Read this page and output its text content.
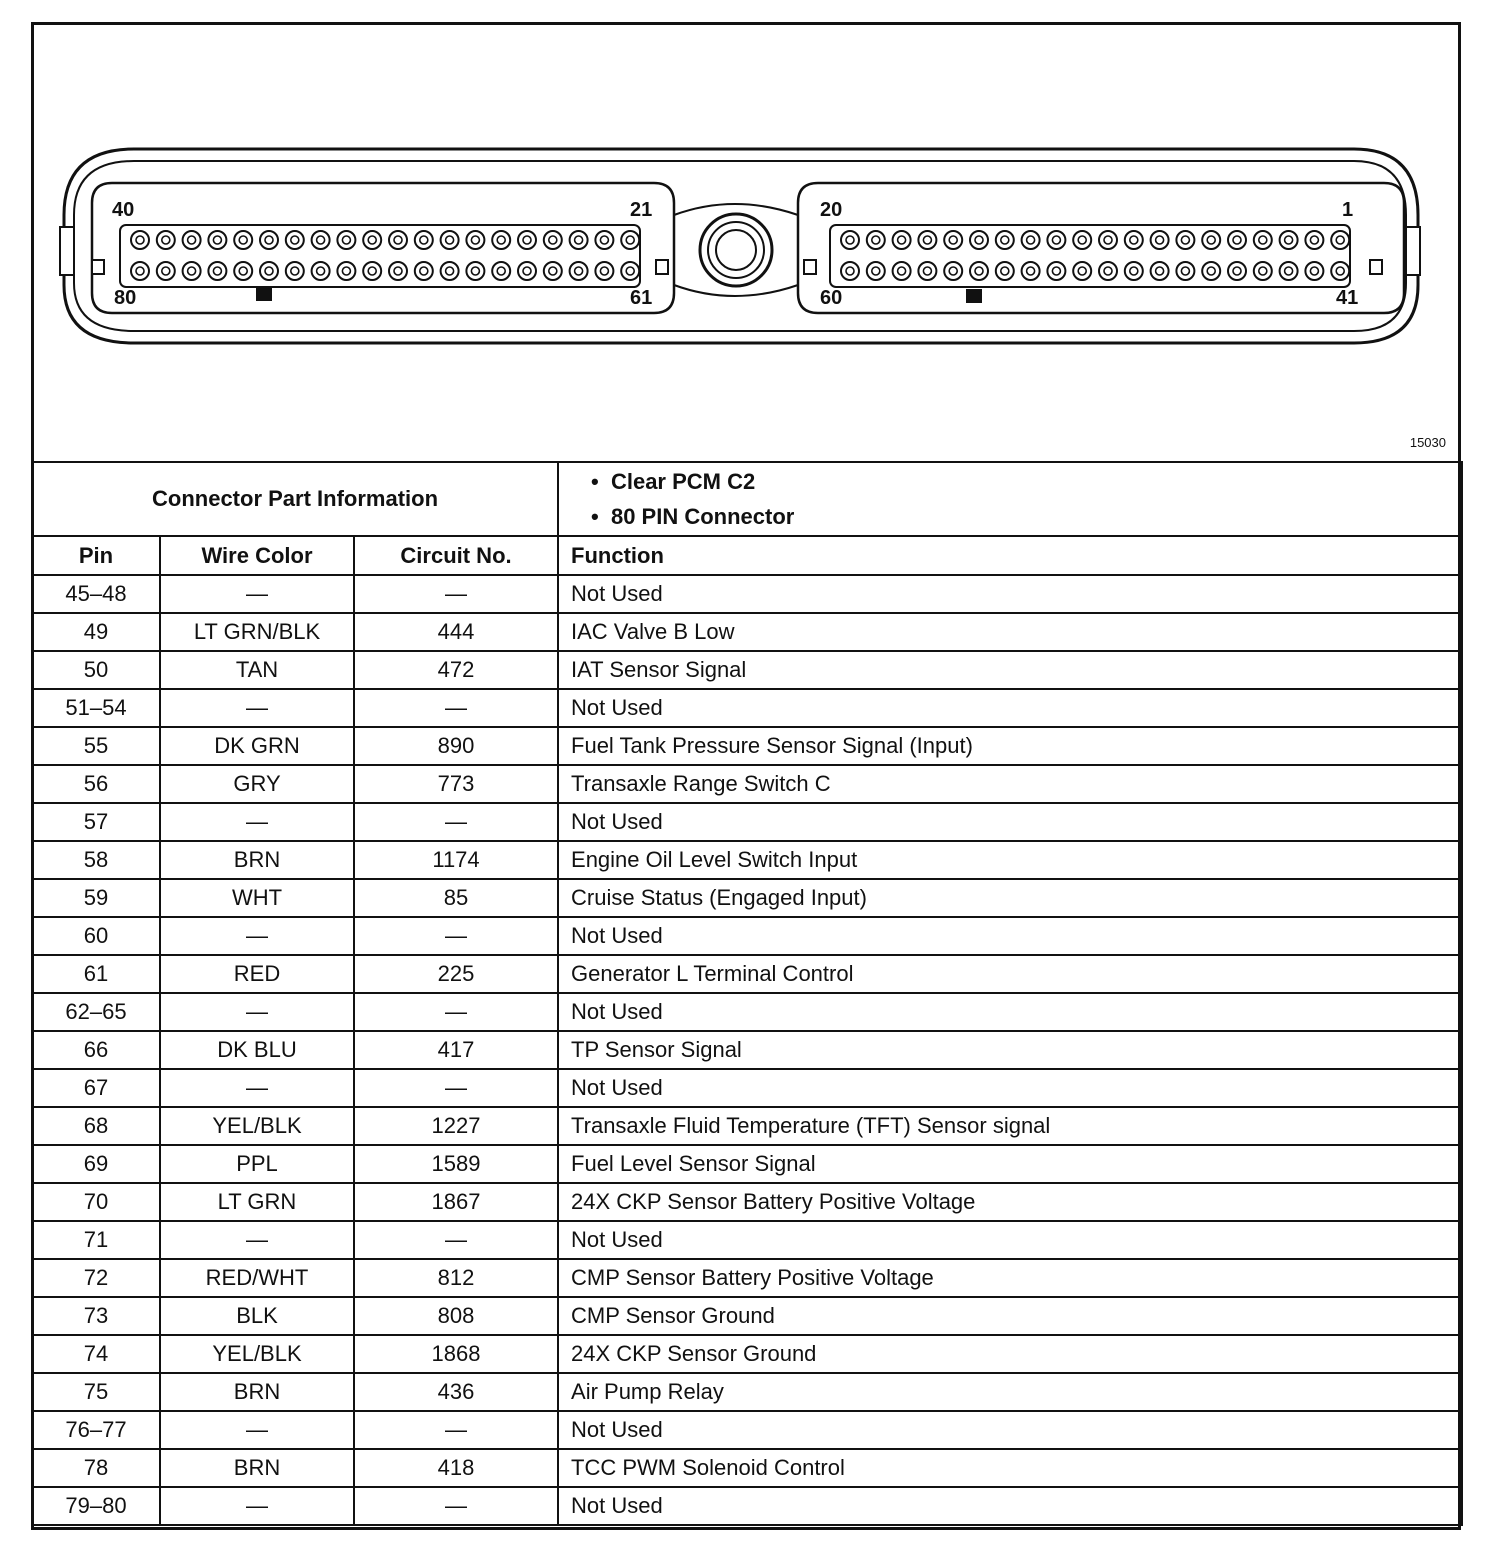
40	21
80	61
20	1
60	41
15030
Connector Part Information			•  Clear PCM C2
•  80 PIN Connector

Pin	Wire Color	Circuit No.	Function
45–48	—	—	Not Used
49	LT GRN/BLK	444	IAC Valve B Low
50	TAN	472	IAT Sensor Signal
51–54	—	—	Not Used
55	DK GRN	890	Fuel Tank Pressure Sensor Signal (Input)
56	GRY	773	Transaxle Range Switch C
57	—	—	Not Used
58	BRN	1174	Engine Oil Level Switch Input
59	WHT	85	Cruise Status (Engaged Input)
60	—	—	Not Used
61	RED	225	Generator L Terminal Control
62–65	—	—	Not Used
66	DK BLU	417	TP Sensor Signal
67	—	—	Not Used
68	YEL/BLK	1227	Transaxle Fluid Temperature (TFT) Sensor signal
69	PPL	1589	Fuel Level Sensor Signal
70	LT GRN	1867	24X CKP Sensor Battery Positive Voltage
71	—	—	Not Used
72	RED/WHT	812	CMP Sensor Battery Positive Voltage
73	BLK	808	CMP Sensor Ground
74	YEL/BLK	1868	24X CKP Sensor Ground
75	BRN	436	Air Pump Relay
76–77	—	—	Not Used
78	BRN	418	TCC PWM Solenoid Control
79–80	—	—	Not Used
